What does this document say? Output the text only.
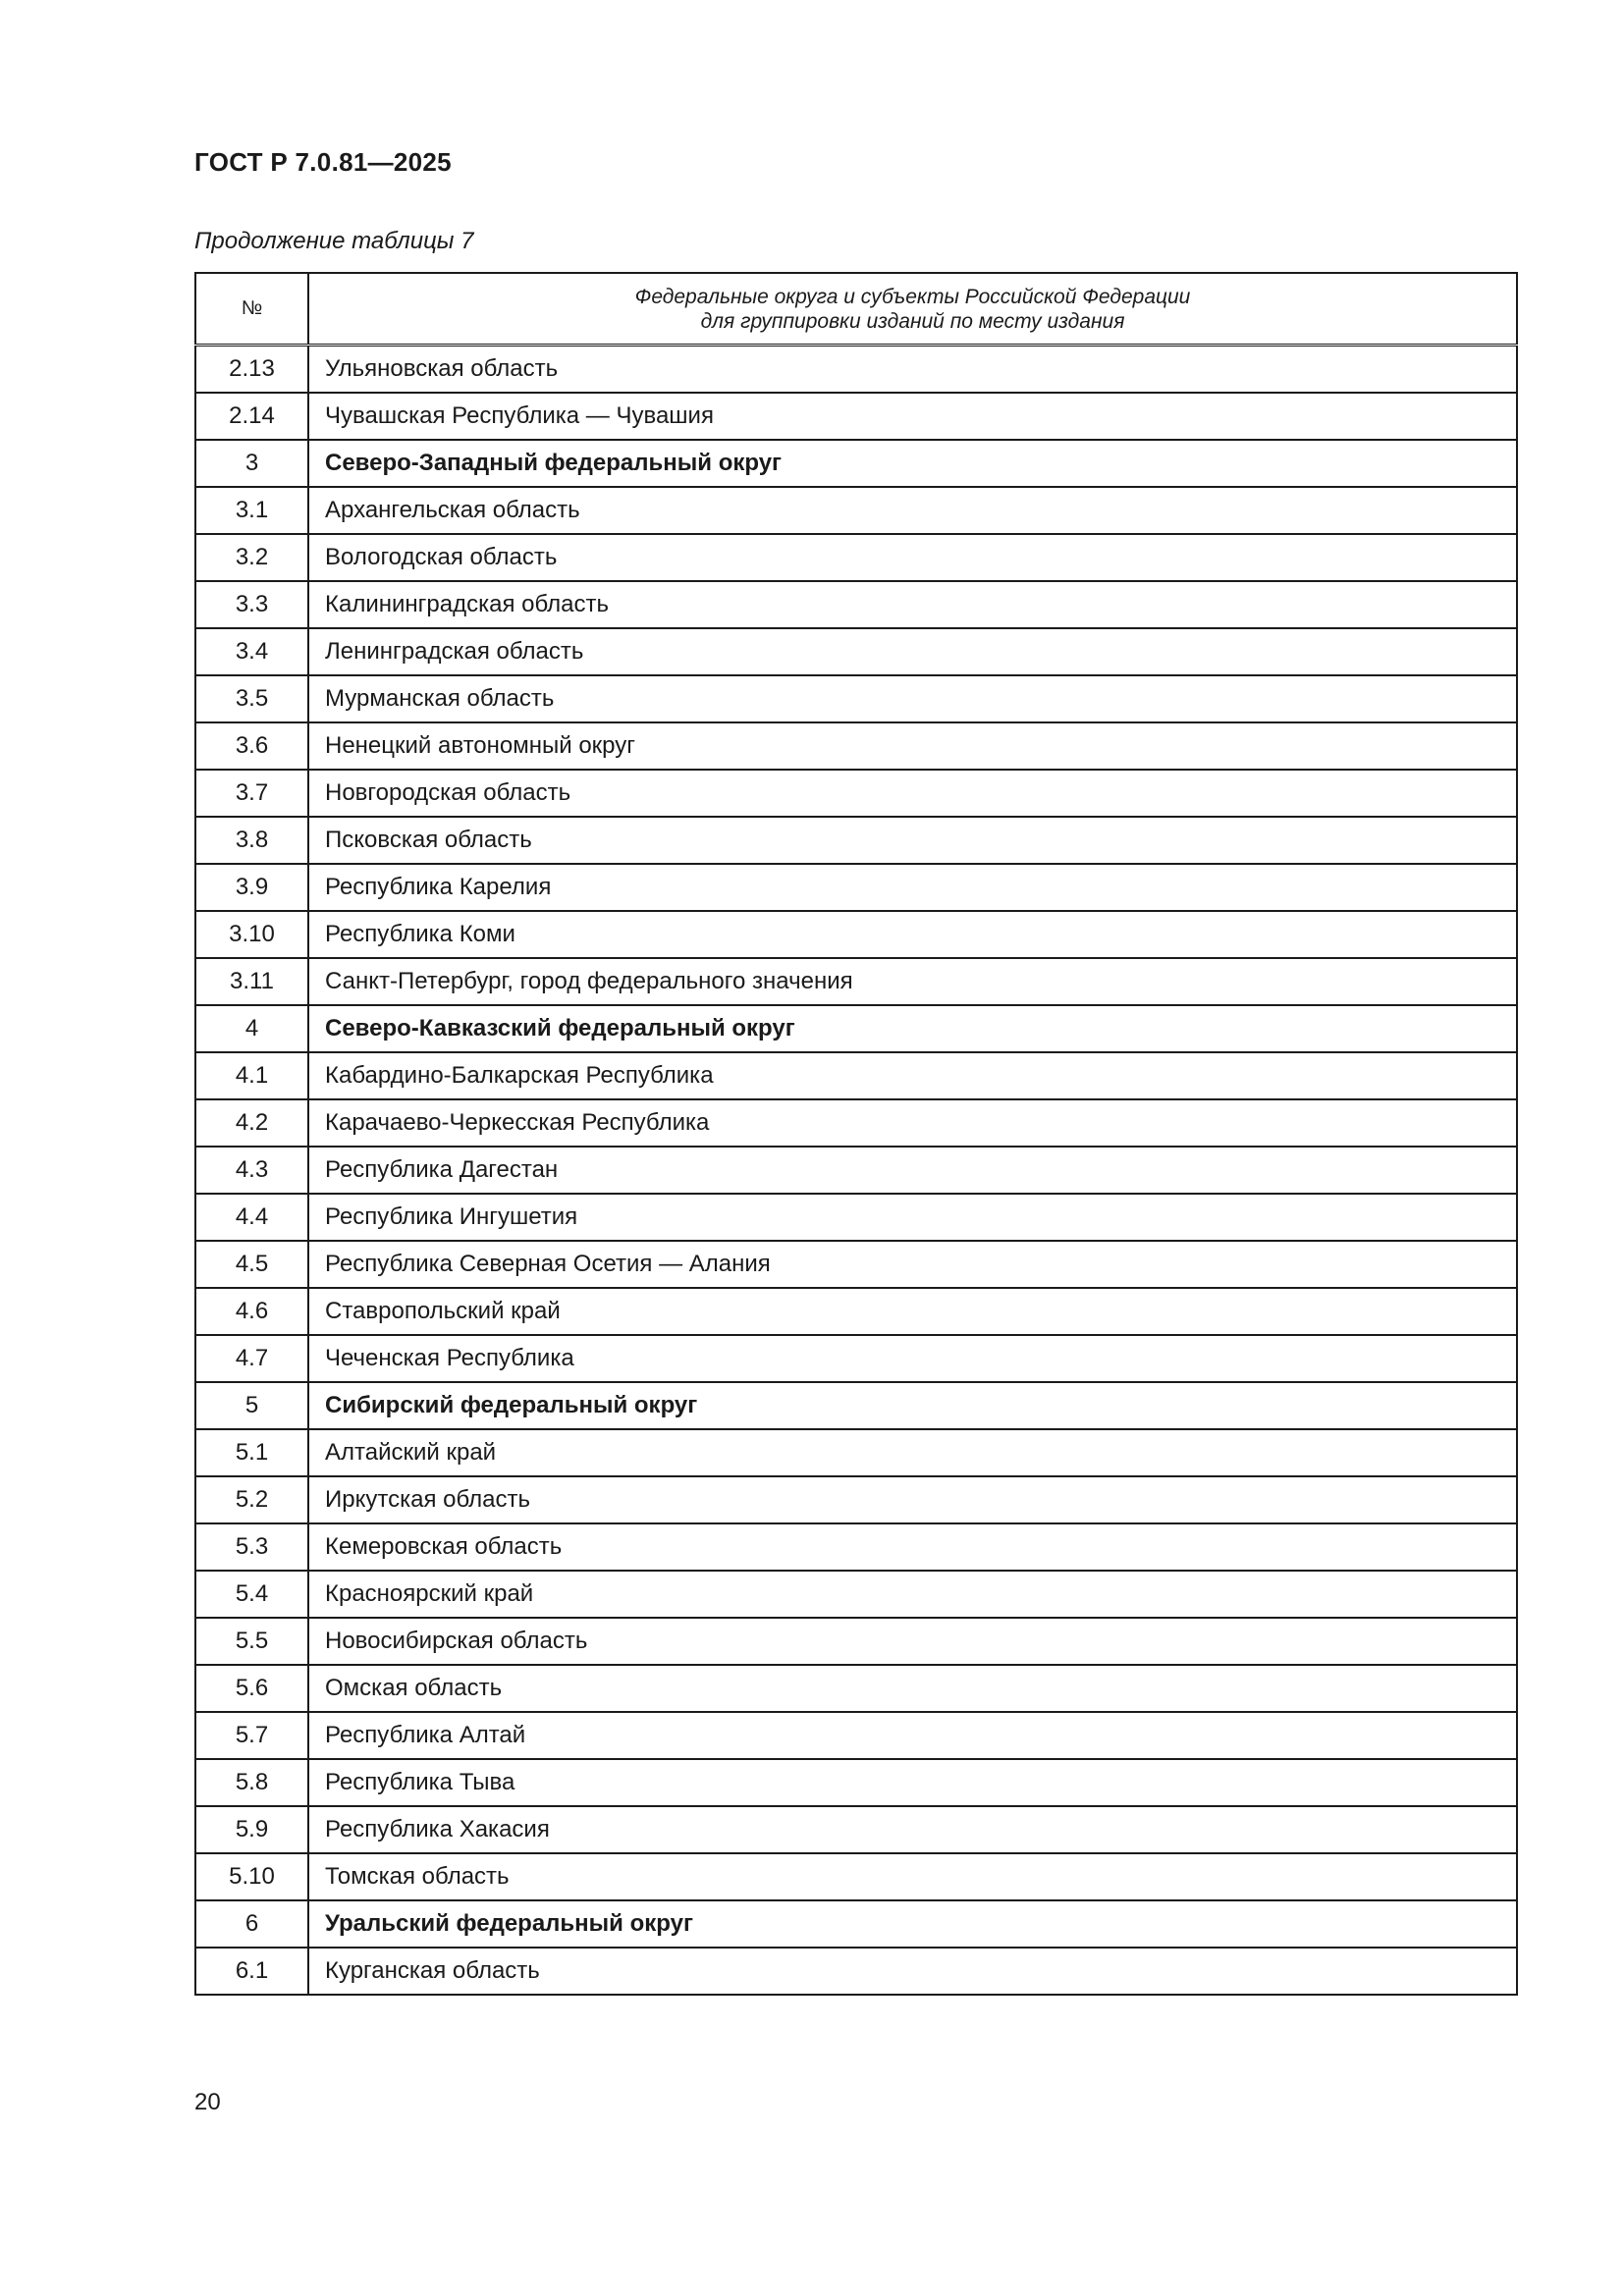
ГОСТ Р 7.0.81—2025
Продолжение таблицы 7
№	Федеральные округа и субъекты Российской Федерации
для группировки изданий по месту издания
2.13	Ульяновская область
2.14	Чувашская Республика — Чувашия
3	Северо-Западный федеральный округ
3.1	Архангельская область
3.2	Вологодская область
3.3	Калининградская область
3.4	Ленинградская область
3.5	Мурманская область
3.6	Ненецкий автономный округ
3.7	Новгородская область
3.8	Псковская область
3.9	Республика Карелия
3.10	Республика Коми
3.11	Санкт-Петербург, город федерального значения
4	Северо-Кавказский федеральный округ
4.1	Кабардино-Балкарская Республика
4.2	Карачаево-Черкесская Республика
4.3	Республика Дагестан
4.4	Республика Ингушетия
4.5	Республика Северная Осетия — Алания
4.6	Ставропольский край
4.7	Чеченская Республика
5	Сибирский федеральный округ
5.1	Алтайский край
5.2	Иркутская область
5.3	Кемеровская область
5.4	Красноярский край
5.5	Новосибирская область
5.6	Омская область
5.7	Республика Алтай
5.8	Республика Тыва
5.9	Республика Хакасия
5.10	Томская область
6	Уральский федеральный округ
6.1	Курганская область
20
